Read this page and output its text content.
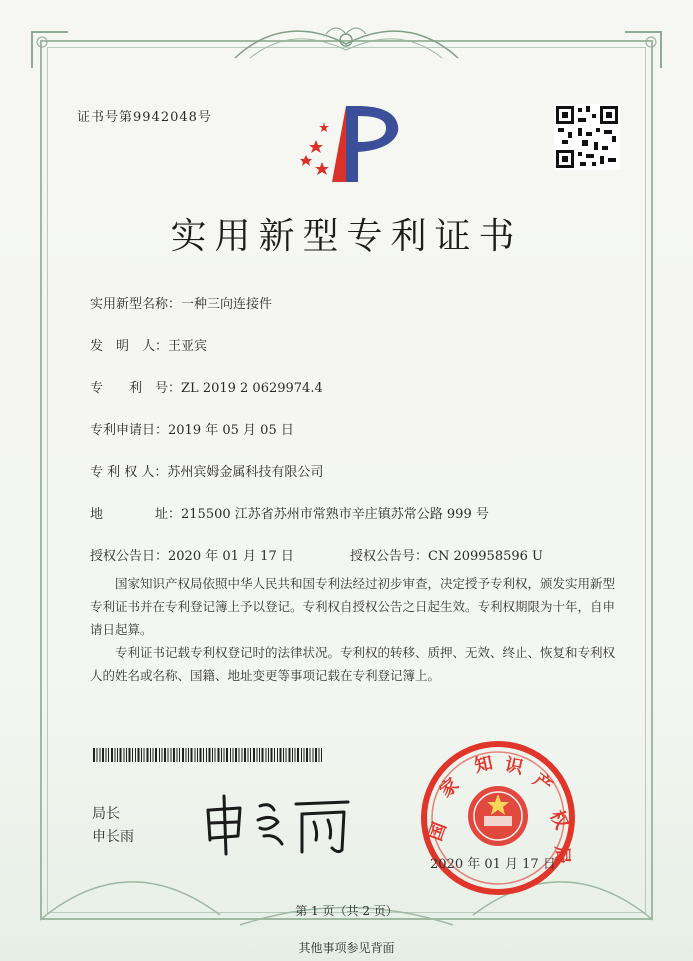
证书号第9942048号
实用新型专利证书
实用新型名称：一种三向连接件
发　明　人：王亚宾
专　　利　号：ZL 2019 2 0629974.4
专利申请日：2019 年 05 月 05 日
专 利 权 人：苏州宾姆金属科技有限公司
地　　　　址：215500 江苏省苏州市常熟市辛庄镇苏常公路 999 号
授权公告日：2020 年 01 月 17 日	授权公告号：CN 209958596 U

国家知识产权局依照中华人民共和国专利法经过初步审查，决定授予专利权，颁发实用新型专利证书并在专利登记簿上予以登记。专利权自授权公告之日起生效。专利权期限为十年，自申请日起算。

专利证书记载专利权登记时的法律状况。专利权的转移、质押、无效、终止、恢复和专利权人的姓名或名称、国籍、地址变更等事项记载在专利登记簿上。

局长
申长雨	国
家
知 识
产
权
局
2020 年 01 月 17 日
第 1 页（共 2 页）
其他事项参见背面
